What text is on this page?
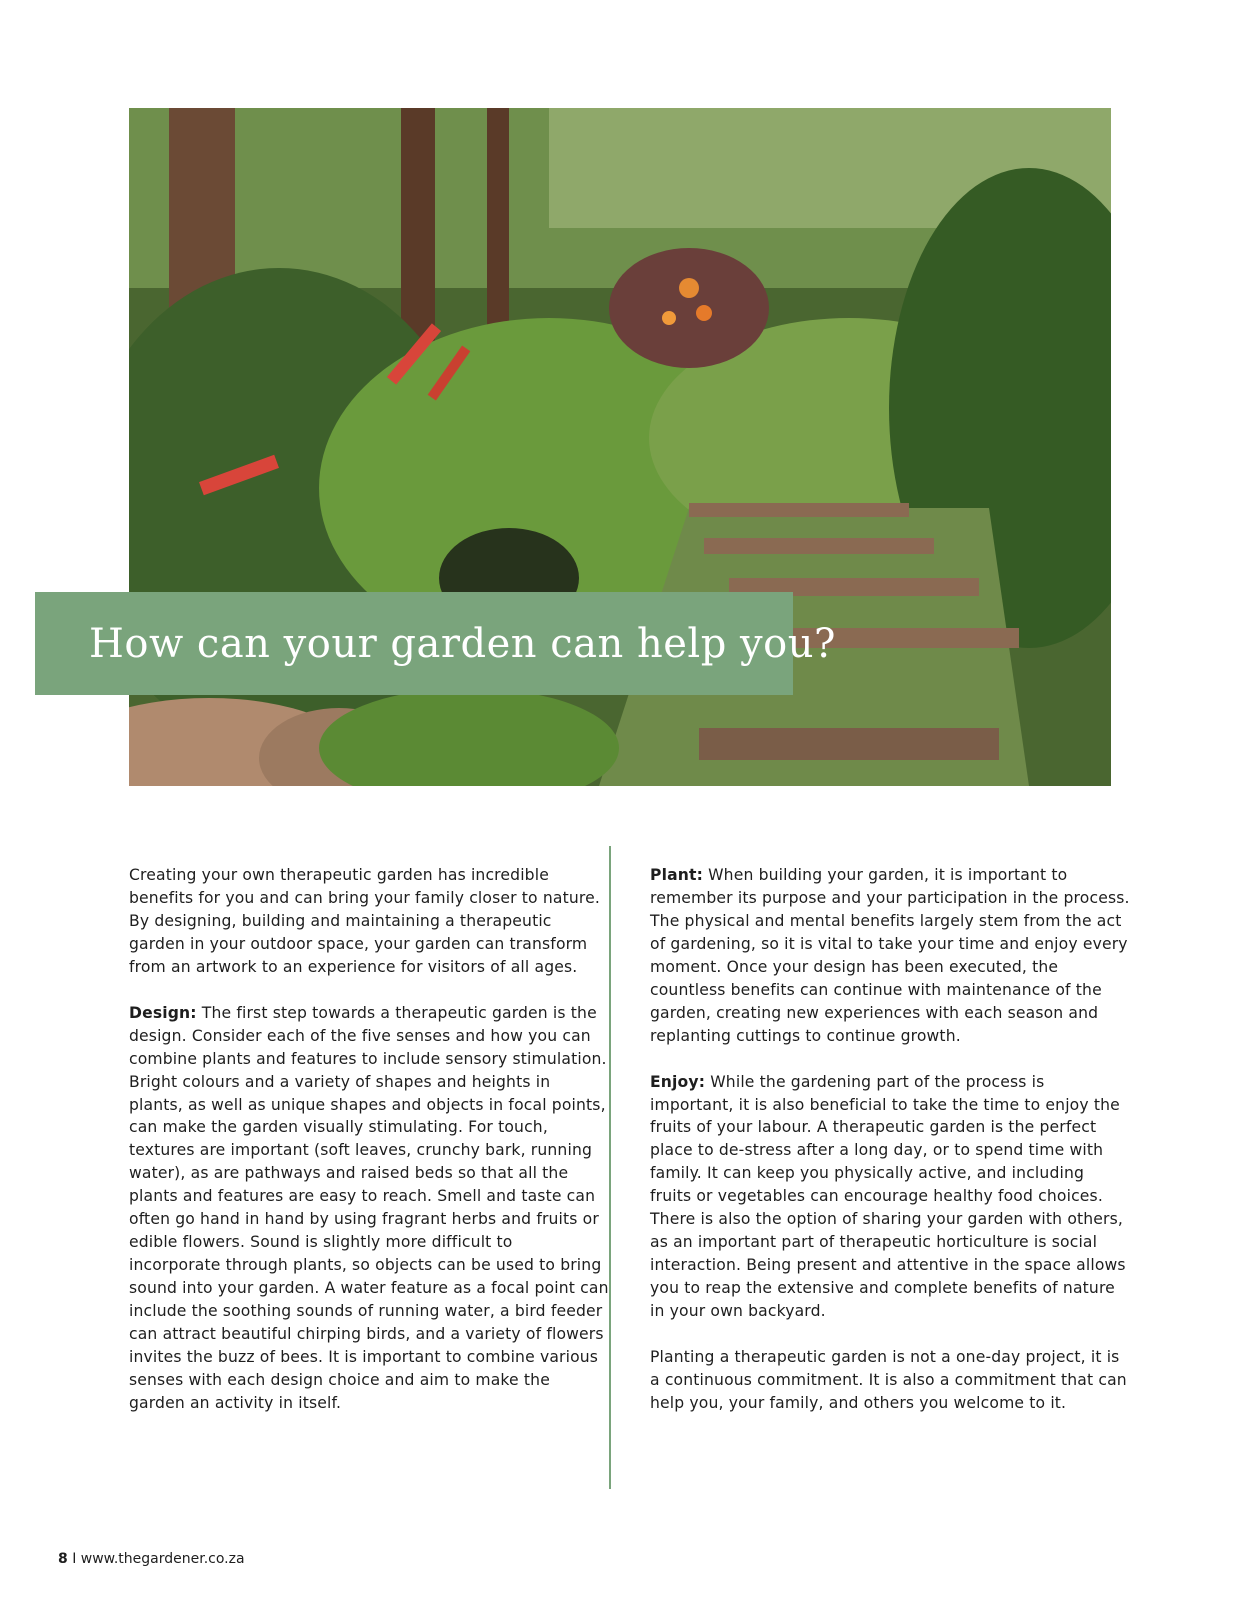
How can your garden can help you?

Creating your own therapeutic garden has incredible benefits for you and can bring your family closer to nature. By designing, building and maintaining a therapeutic garden in your outdoor space, your garden can transform from an artwork to an experience for visitors of all ages.

Design: The first step towards a therapeutic garden is the design. Consider each of the five senses and how you can combine plants and features to include sensory stimulation. Bright colours and a variety of shapes and heights in plants, as well as unique shapes and objects in focal points, can make the garden visually stimulating. For touch, textures are important (soft leaves, crunchy bark, running water), as are pathways and raised beds so that all the plants and features are easy to reach. Smell and taste can often go hand in hand by using fragrant herbs and fruits or edible flowers. Sound is slightly more difficult to incorporate through plants, so objects can be used to bring sound into your garden. A water feature as a focal point can include the soothing sounds of running water, a bird feeder can attract beautiful chirping birds, and a variety of flowers invites the buzz of bees. It is important to combine various senses with each design choice and aim to make the garden an activity in itself.

Plant: When building your garden, it is important to remember its purpose and your participation in the process. The physical and mental benefits largely stem from the act of gardening, so it is vital to take your time and enjoy every moment. Once your design has been executed, the countless benefits can continue with maintenance of the garden, creating new experiences with each season and replanting cuttings to continue growth.

Enjoy: While the gardening part of the process is important, it is also beneficial to take the time to enjoy the fruits of your labour. A therapeutic garden is the perfect place to de-stress after a long day, or to spend time with family. It can keep you physically active, and including fruits or vegetables can encourage healthy food choices. There is also the option of sharing your garden with others, as an important part of therapeutic horticulture is social interaction. Being present and attentive in the space allows you to reap the extensive and complete benefits of nature in your own backyard.

Planting a therapeutic garden is not a one-day project, it is a continuous commitment. It is also a commitment that can help you, your family, and others you welcome to it.

8 I www.thegardener.co.za
